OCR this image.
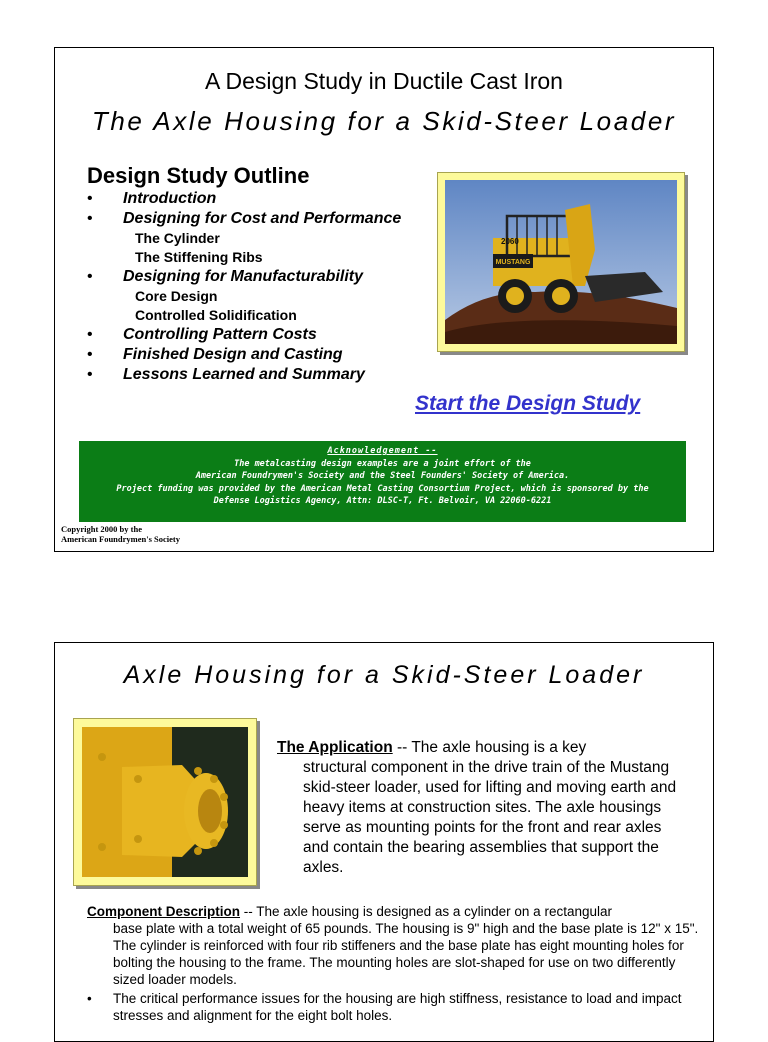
A Design Study in Ductile Cast Iron
The Axle Housing for a Skid-Steer Loader
Design Study Outline
• Introduction
• Designing for Cost and Performance
The Cylinder
The Stiffening Ribs
• Designing for Manufacturability
Core Design
Controlled Solidification
• Controlling Pattern Costs
• Finished Design and Casting
• Lessons Learned and Summary
MUSTANG
2060
Start the Design Study
Acknowledgement --
The metalcasting design examples are a joint effort of the
American Foundrymen's Society and the Steel Founders' Society of America.
Project funding was provided by the American Metal Casting Consortium Project, which is sponsored by the
Defense Logistics Agency, Attn: DLSC-T, Ft. Belvoir, VA 22060-6221
Copyright 2000 by the
American Foundrymen's Society
Axle Housing for a Skid-Steer Loader
The Application -- The axle housing is a key
structural component in the drive train of the Mustang skid-steer loader, used for lifting and moving earth and heavy items at construction sites. The axle housings serve as mounting points for the front and rear axles and contain the bearing assemblies that support the axles.
Component Description -- The axle housing is designed as a cylinder on a rectangular
base plate with a total weight of 65 pounds. The housing is 9" high and the base plate is 12" x 15". The cylinder is reinforced with four rib stiffeners and the base plate has eight mounting holes for bolting the housing to the frame. The mounting holes are slot-shaped for use on two differently sized loader models.
• The critical performance issues for the housing are high stiffness, resistance to load and impact stresses and alignment for the eight bolt holes.
